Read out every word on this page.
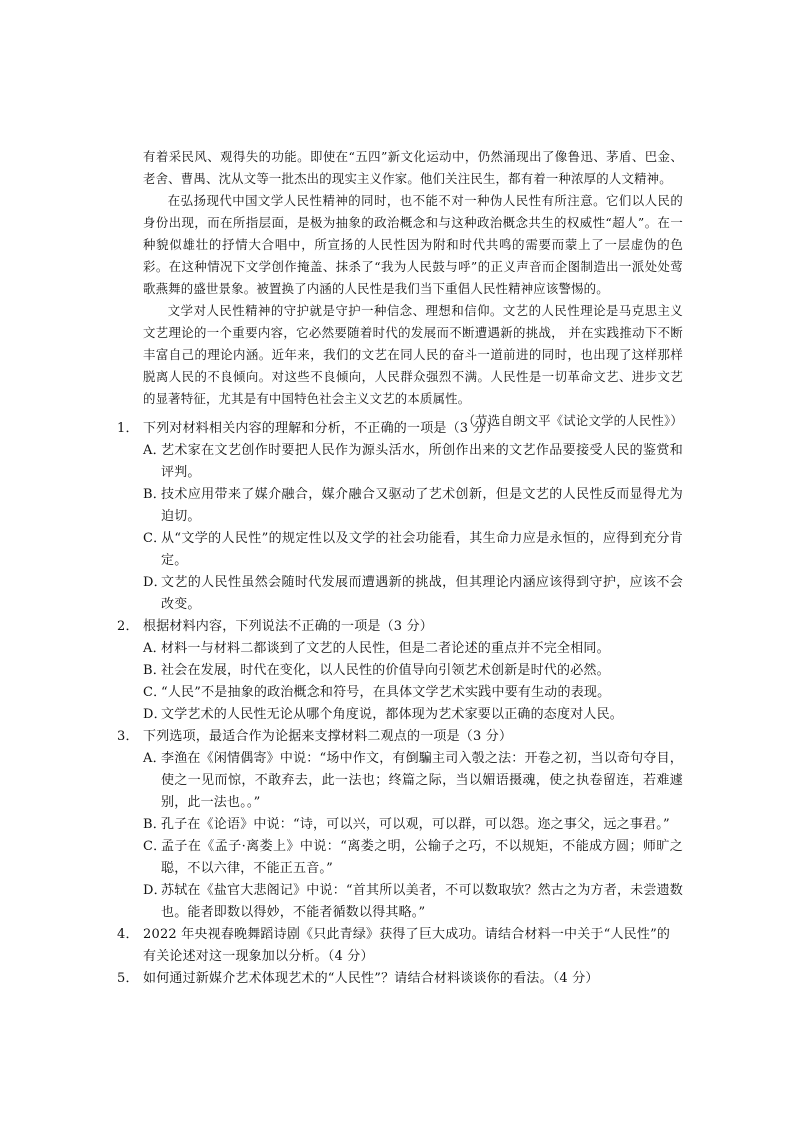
有着采民风、观得失的功能。即使在“五四”新文化运动中，仍然涌现出了像鲁迅、茅盾、巴金、老舍、曹禺、沈从文等一批杰出的现实主义作家。他们关注民生，都有着一种浓厚的人文精神。

在弘扬现代中国文学人民性精神的同时，也不能不对一种伪人民性有所注意。它们以人民的身份出现，而在所指层面，是极为抽象的政治概念和与这种政治概念共生的权威性“超人”。在一种貌似雄壮的抒情大合唱中，所宣扬的人民性因为附和时代共鸣的需要而蒙上了一层虚伪的色彩。在这种情况下文学创作掩盖、抹杀了“我为人民鼓与呼”的正义声音而企图制造出一派处处莺歌燕舞的盛世景象。被置换了内涵的人民性是我们当下重倡人民性精神应该警惕的。

文学对人民性精神的守护就是守护一种信念、理想和信仰。文艺的人民性理论是马克思主义文艺理论的一个重要内容，它必然要随着时代的发展而不断遭遇新的挑战， 并在实践推动下不断丰富自己的理论内涵。近年来，我们的文艺在同人民的奋斗一道前进的同时，也出现了这样那样脱离人民的不良倾向。对这些不良倾向，人民群众强烈不满。人民性是一切革命文艺、进步文艺的显著特征，尤其是有中国特色社会主义文艺的本质属性。

（节选自朗文平《试论文学的人民性》）

1． 下列对材料相关内容的理解和分析，不正确的一项是（3 分）

A．
艺术家在文艺创作时要把人民作为源头活水，所创作出来的文艺作品要接受人民的鉴赏和评判。

B．
技术应用带来了媒介融合，媒介融合又驱动了艺术创新，但是文艺的人民性反而显得尤为迫切。

C．
从“文学的人民性”的规定性以及文学的社会功能看，其生命力应是永恒的，应得到充分肯定。

D．
文艺的人民性虽然会随时代发展而遭遇新的挑战，但其理论内涵应该得到守护，应该不会改变。

2． 根据材料内容，下列说法不正确的一项是（3 分）

A．
材料一与材料二都谈到了文艺的人民性，但是二者论述的重点并不完全相同。

B．
社会在发展，时代在变化，以人民性的价值导向引领艺术创新是时代的必然。

C．
“人民”不是抽象的政治概念和符号，在具体文学艺术实践中要有生动的表现。

D．
文学艺术的人民性无论从哪个角度说，都体现为艺术家要以正确的态度对人民。

3． 下列选项，最适合作为论据来支撑材料二观点的一项是（3 分）

A．
李渔在《闲情偶寄》中说：“场中作文，有倒騙主司入彀之法：开卷之初，当以奇句夺目，使之一见而惊，不敢弃去，此一法也；终篇之际，当以媚语摄魂，使之执卷留连，若难遽别，此一法也。。”

B．
孔子在《论语》中说：“诗，可以兴，可以观，可以群，可以怨。迩之事父，远之事君。”

C．
孟子在《孟子·离娄上》中说：“离娄之明，公输子之巧，不以规矩，不能成方圆；师旷之聪，不以六律，不能正五音。”

D．
苏轼在《盐官大悲阁记》中说：“首其所以美者，不可以数取欤？然古之为方者，未尝遗数也。能者即数以得妙，不能者循数以得其略。”

4． 2022 年央视春晚舞蹈诗剧《只此青绿》获得了巨大成功。请结合材料一中关于“人民性”的有关论述对这一现象加以分析。（4 分）

5． 如何通过新媒介艺术体现艺术的“人民性”？请结合材料谈谈你的看法。（4 分）
